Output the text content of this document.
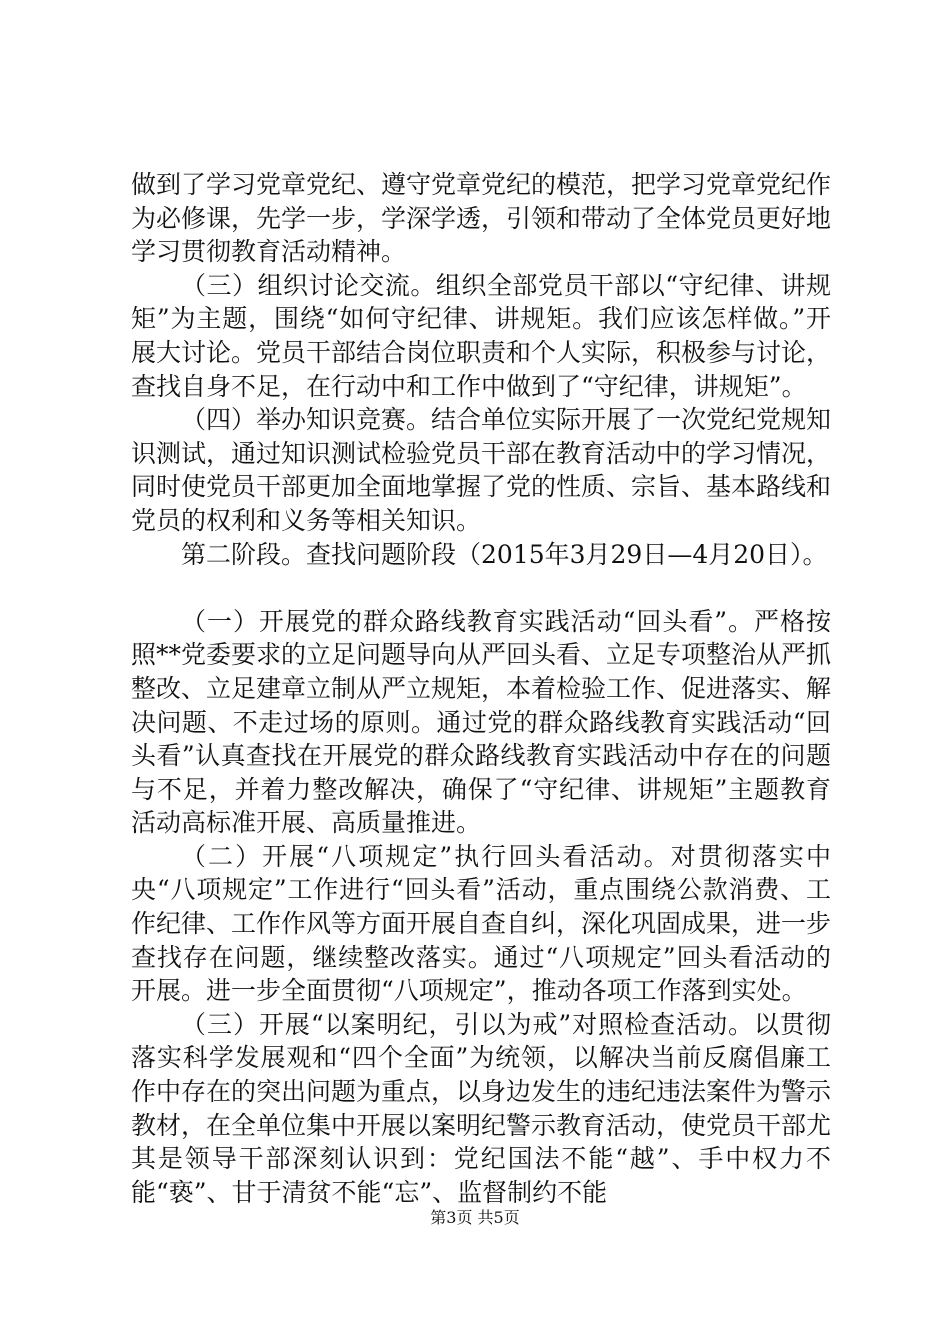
做到了学习党章党纪、遵守党章党纪的模范，把学习党章党纪作为必修课，先学一步，学深学透，引领和带动了全体党员更好地学习贯彻教育活动精神。

（三）组织讨论交流。组织全部党员干部以“守纪律、讲规矩”为主题，围绕“如何守纪律、讲规矩。我们应该怎样做。”开展大讨论。党员干部结合岗位职责和个人实际，积极参与讨论，查找自身不足，在行动中和工作中做到了“守纪律，讲规矩”。

（四）举办知识竞赛。结合单位实际开展了一次党纪党规知识测试，通过知识测试检验党员干部在教育活动中的学习情况，同时使党员干部更加全面地掌握了党的性质、宗旨、基本路线和党员的权利和义务等相关知识。

第二阶段。查找问题阶段（2015年3月29日—4月20日）。

（一）开展党的群众路线教育实践活动“回头看”。严格按照**党委要求的立足问题导向从严回头看、立足专项整治从严抓整改、立足建章立制从严立规矩，本着检验工作、促进落实、解决问题、不走过场的原则。通过党的群众路线教育实践活动“回头看”认真查找在开展党的群众路线教育实践活动中存在的问题与不足，并着力整改解决，确保了“守纪律、讲规矩”主题教育活动高标准开展、高质量推进。

（二）开展“八项规定”执行回头看活动。对贯彻落实中央“八项规定”工作进行“回头看”活动，重点围绕公款消费、工作纪律、工作作风等方面开展自查自纠，深化巩固成果，进一步查找存在问题，继续整改落实。通过“八项规定”回头看活动的开展。进一步全面贯彻“八项规定”，推动各项工作落到实处。

（三）开展“以案明纪，引以为戒”对照检查活动。以贯彻落实科学发展观和“四个全面”为统领，以解决当前反腐倡廉工作中存在的突出问题为重点，以身边发生的违纪违法案件为警示教材，在全单位集中开展以案明纪警示教育活动，使党员干部尤其是领导干部深刻认识到：党纪国法不能“越”、手中权力不能“亵”、甘于清贫不能“忘”、监督制约不能

第3页 共5页
